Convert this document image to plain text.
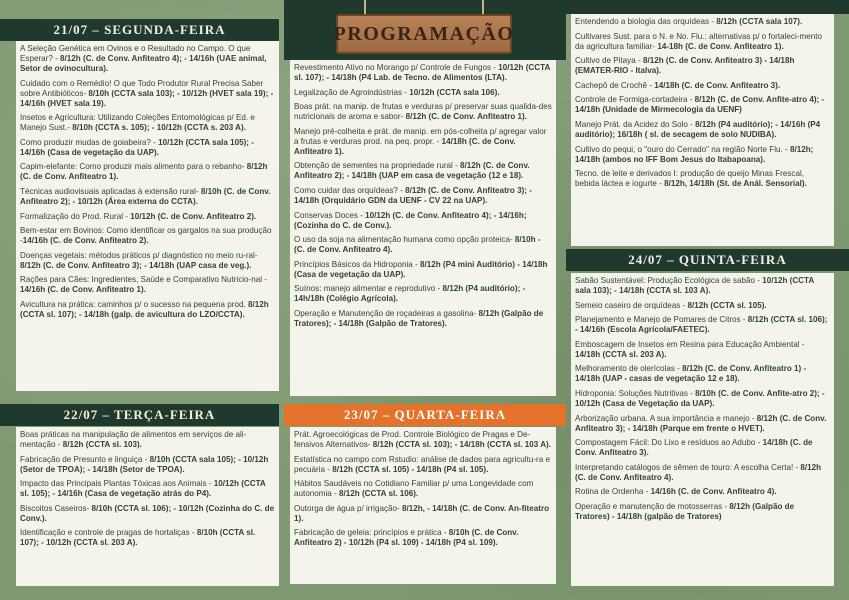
PROGRAMAÇÃO
21/07 – SEGUNDA-FEIRA
A Seleção Genética em Ovinos e o Resultado no Campo. O que Esperar? - 8/12h (C. de Conv. Anfiteatro 4); - 14/16h (UAE animal, Setor de ovinocultura).
Cuidado com o Remédio! O que Todo Produtor Rural Precisa Saber sobre Antibióticos- 8/10h (CCTA sala 103); - 10/12h (HVET sala 19); - 14/16h (HVET sala 19).
Insetos e Agricultura: Utilizando Coleções Entomológicas p/ Ed. e Manejo Sust.- 8/10h (CCTA s. 105); - 10/12h (CCTA s. 203 A).
Como produzir mudas de goiabeira? - 10/12h (CCTA sala 105); - 14/16h (Casa de vegetação da UAP).
Capim-elefante: Como produzir mais alimento para o rebanho- 8/12h (C. de Conv. Anfiteatro 1).
Técnicas audiovisuais aplicadas à extensão rural- 8/10h (C. de Conv. Anfiteatro 2); - 10/12h (Área externa do CCTA).
Formalização do Prod. Rural - 10/12h (C. de Conv. Anfiteatro 2).
Bem-estar em Bovinos: Como identificar os gargalos na sua produção -14/16h (C. de Conv. Anfiteatro 2).
Doenças vegetais: métodos práticos p/ diagnóstico no meio ru-ral- 8/12h (C. de Conv. Anfiteatro 3); - 14/18h (UAP casa de veg.).
Rações para Cães: Ingredientes, Saúde e Comparativo Nutricio-nal - 14/16h (C. de Conv. Anfiteatro 1).
Avicultura na prática: caminhos p/ o sucesso na pequena prod. 8/12h (CCTA sl. 107); - 14/18h (galp. de avicultura do LZO/CCTA).
22/07 – TERÇA-FEIRA
Boas práticas na manipulação de alimentos em serviços de ali-mentação - 8/12h (CCTA sl. 103).
Fabricação de Presunto e linguiça - 8/10h (CCTA sala 105); - 10/12h (Setor de TPOA); - 14/18h (Setor de TPOA).
Impacto das Principais Plantas Tóxicas aos Animais - 10/12h (CCTA sl. 105); - 14/16h (Casa de vegetação atrás do P4).
Biscoitos Caseiros- 8/10h (CCTA sl. 106); - 10/12h (Cozinha do C. de Conv.).
Identificação e controle de pragas de hortaliças - 8/10h (CCTA sl. 107); - 10/12h (CCTA sl. 203 A).
Revestimento Ativo no Morango p/ Controle de Fungos - 10/12h (CCTA sl. 107); - 14/18h (P4 Lab. de Tecno. de Alimentos (LTA).
Legalização de Agroindústrias - 10/12h (CCTA sala 106).
Boas prát. na manip. de frutas e verduras p/ preservar suas qualida-des nutricionais de aroma e sabor- 8/12h (C. de Conv. Anfiteatro 1).
Manejo pré-colheita e prát. de manip. em pós-colheita p/ agregar valor a frutas e verduras prod. na peq. propr. - 14/18h (C. de Conv. Anfiteatro 1).
Obtenção de sementes na propriedade rural - 8/12h (C. de Conv. Anfiteatro 2); - 14/18h (UAP em casa de vegetação (12 e 18).
Como cuidar das orquídeas? - 8/12h (C. de Conv. Anfiteatro 3); - 14/18h (Orquidário GDN da UENF - CV 22 na UAP).
Conservas Doces - 10/12h (C. de Conv. Anfiteatro 4); - 14/16h; (Cozinha do C. de Conv.).
O uso da soja na alimentação humana como opção proteica- 8/10h - (C. de Conv. Anfiteatro 4).
Princípios Básicos da Hidroponia - 8/12h (P4 mini Auditório) - 14/18h (Casa de vegetação da UAP).
Suínos: manejo alimentar e reprodutivo - 8/12h (P4 auditório); - 14h/18h (Colégio Agrícola).
Operação e Manutenção de roçadeiras a gasolina- 8/12h (Galpão de Tratores); - 14/18h (Galpão de Tratores).
23/07 – QUARTA-FEIRA
Prát. Agroecológicas de Prod. Controle Biológico de Pragas e De-fensivos Alternativos- 8/12h (CCTA sl. 103); - 14/18h (CCTA sl. 103 A).
Estatística no campo com Rstudio: análise de dados para agricultu-ra e pecuária - 8/12h (CCTA sl. 105) - 14/18h (P4 sl. 105).
Hábitos Saudáveis no Cotidiano Familiar p/ uma Longevidade com autonomia - 8/12h (CCTA sl. 106).
Outorga de água p/ irrigação- 8/12h, - 14/18h (C. de Conv. An-fiteatro 1).
Fabricação de geleia: princípios e prática - 8/10h (C. de Conv. Anfiteatro 2) - 10/12h (P4 sl. 109) - 14/18h (P4 sl. 109).
Entendendo a biologia das orquídeas - 8/12h (CCTA sala 107).
Cultivares Sust. para o N. e No. Flu.: alternativas p/ o fortaleci-mento da agricultura familiar- 14-18h (C. de Conv. Anfiteatro 1).
Cultivo de Pitaya - 8/12h (C. de Conv. Anfiteatro 3) - 14/18h (EMATER-RIO - Italva).
Cachepô de Crochê - 14/18h (C. de Conv. Anfiteatro 3).
Controle de Formiga-cortadeira - 8/12h (C. de Conv. Anfite-atro 4); - 14/18h (Unidade de Mirmecologia da UENF)
Manejo Prát. da Acidez do Solo - 8/12h (P4 auditório); - 14/16h (P4 auditório); 16/18h ( sl. de secagem de solo NUDIBA).
Cultivo do pequi, o "ouro do Cerrado" na região Norte Flu. - 8/12h; 14/18h (ambos no IFF Bom Jesus do Itabapoana).
Tecno. de leite e derivados I: produção de queijo Minas Frescal, bebida láctea e iogurte - 8/12h, 14/18h (St. de Anál. Sensorial).
24/07 – QUINTA-FEIRA
Sabão Sustentável: Produção Ecológica de sabão - 10/12h (CCTA sala 103); - 14/18h (CCTA sl. 103 A).
Semeio caseiro de orquídeas - 8/12h (CCTA sl. 105).
Planejamento e Manejo de Pomares de Citros - 8/12h (CCTA sl. 106); - 14/16h (Escola Agrícola/FAETEC).
Emboscagem de Insetos em Resina para Educação Ambiental - 14/18h (CCTA sl. 203 A).
Melhoramento de olerícolas - 8/12h (C. de Conv. Anfiteatro 1) - 14/18h (UAP - casas de vegetação 12 e 18).
Hidroponia: Soluções Nutritivas - 8/10h (C. de Conv. Anfite-atro 2); - 10/12h (Casa de Vegetação da UAP).
Arborização urbana. A sua importância e manejo - 8/12h (C. de Conv. Anfiteatro 3); - 14/18h (Parque em frente o HVET).
Compostagem Fácil: Do Lixo e resíduos ao Adubo - 14/18h (C. de Conv. Anfiteatro 3).
Interpretando catálogos de sêmen de touro: A escolha Certa! - 8/12h (C. de Conv. Anfiteatro 4).
Rotina de Ordenha - 14/16h (C. de Conv. Anfiteatro 4).
Operação e manutenção de motosserras - 8/12h (Galpão de Tratores) - 14/18h (galpão de Tratores)
